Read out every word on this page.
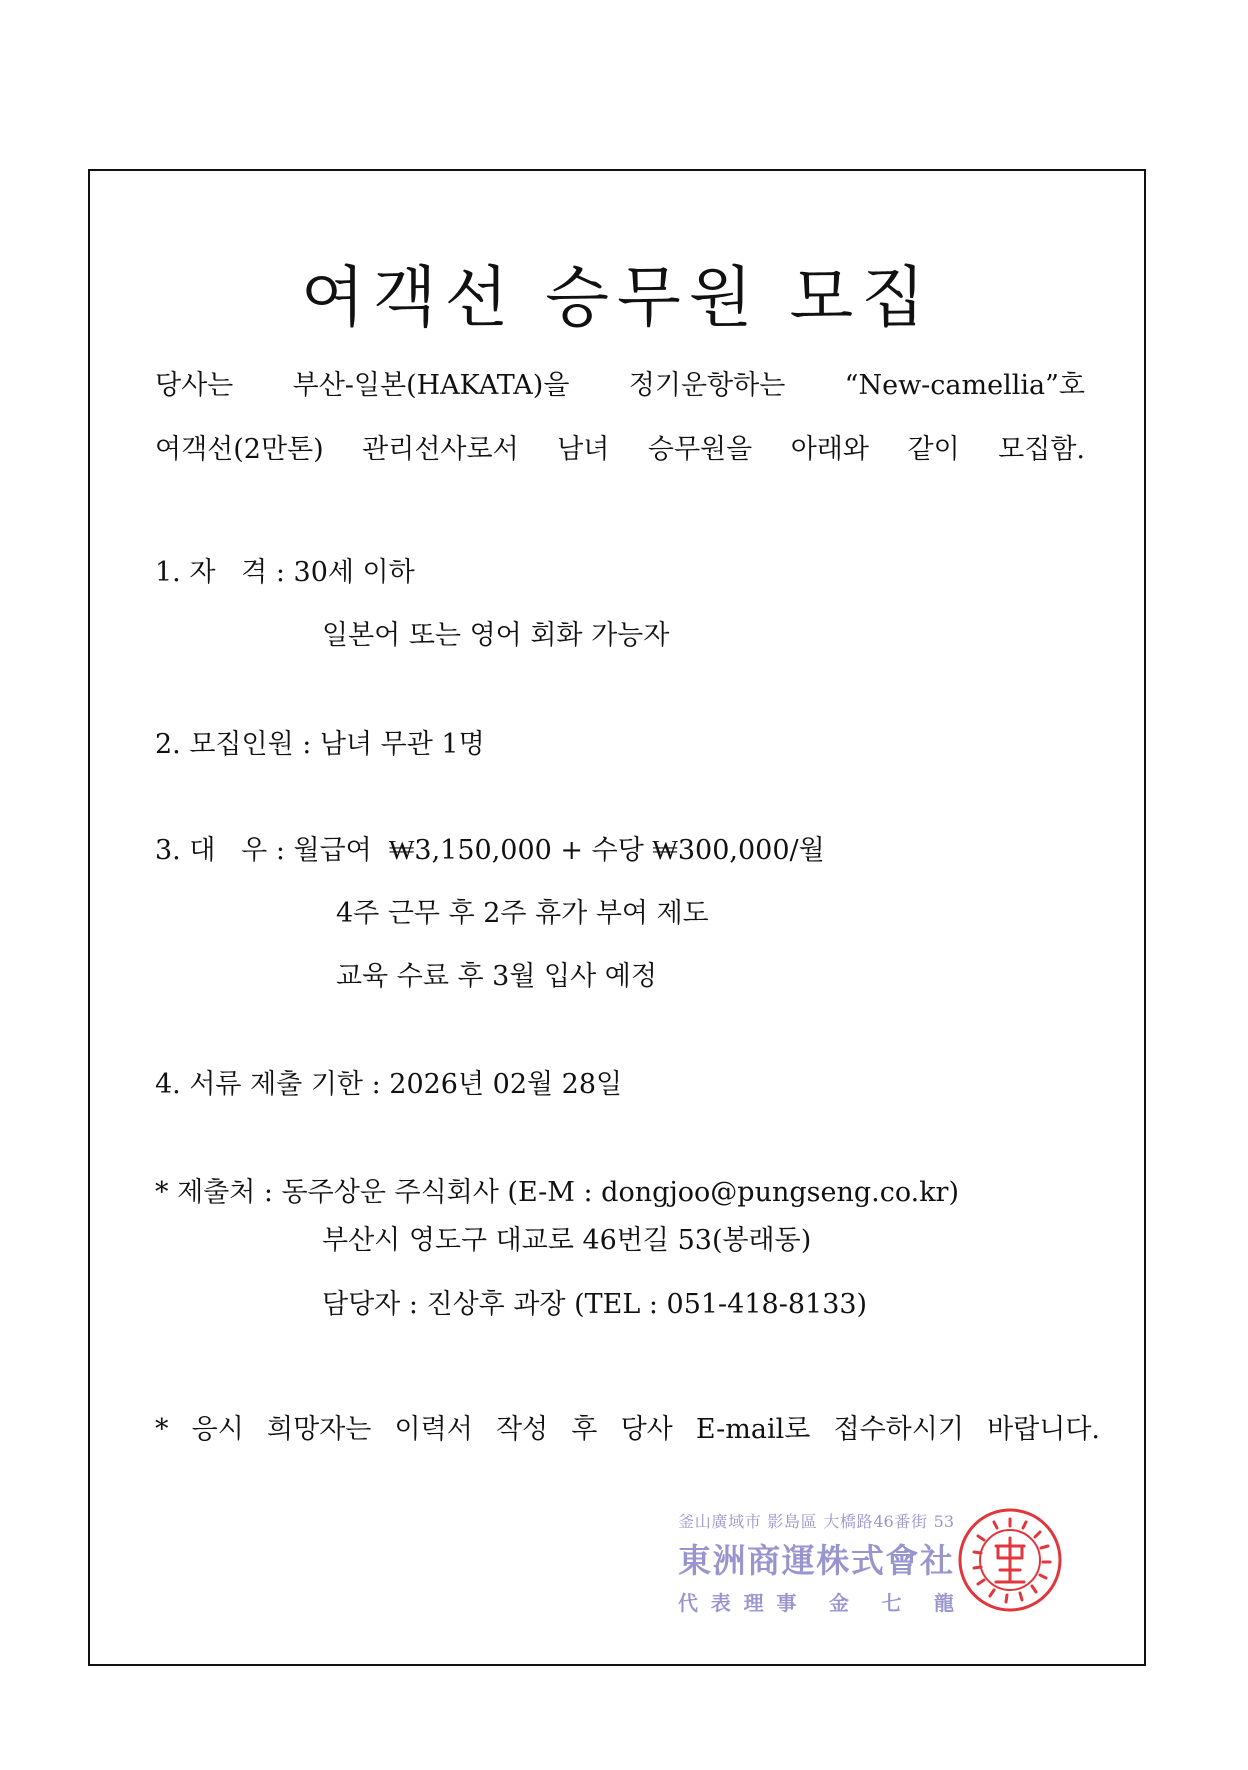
여객선 승무원 모집
당사는 부산-일본(HAKATA)을 정기운항하는 “New-camellia”호
여객선(2만톤) 관리선사로서 남녀 승무원을 아래와 같이 모집함.
1. 자   격 : 30세 이하
일본어 또는 영어 회화 가능자
2. 모집인원 : 남녀 무관 1명
3. 대   우 : 월급여  ₩3,150,000 + 수당 ₩300,000/월
4주 근무 후 2주 휴가 부여 제도
교육 수료 후 3월 입사 예정
4. 서류 제출 기한 : 2026년 02월 28일
* 제출처 : 동주상운 주식회사 (E-M : dongjoo@pungseng.co.kr)
부산시 영도구 대교로 46번길 53(봉래동)
담당자 : 진상후 과장 (TEL : 051-418-8133)
* 응시 희망자는 이력서 작성 후 당사 E-mail로 접수하시기 바랍니다.
釜山廣域市 影島區 大橋路46番街 53
東洲商運株式會社
代表理事 金 七 龍
